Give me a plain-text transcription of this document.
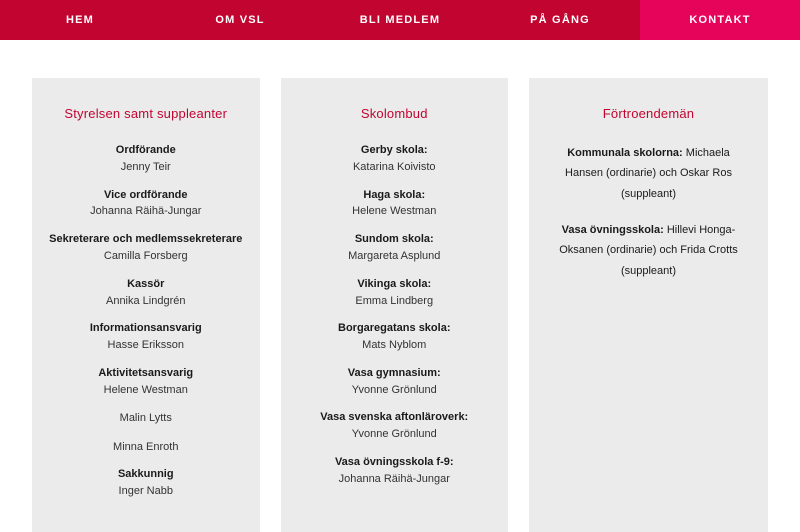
HEM	OM VSL	BLI MEDLEM	PÅ GÅNG	KONTAKT
Styrelsen samt suppleanter
Ordförande
Jenny Teir
Vice ordförande
Johanna Räihä-Jungar
Sekreterare och medlemssekreterare
Camilla Forsberg
Kassör
Annika Lindgrén
Informationsansvarig
Hasse Eriksson
Aktivitetsansvarig
Helene Westman
Malin Lytts
Minna Enroth
Sakkunnig
Inger Nabb
Skolombud
Gerby skola:
Katarina Koivisto
Haga skola:
Helene Westman
Sundom skola:
Margareta Asplund
Vikinga skola:
Emma Lindberg
Borgaregatans skola:
Mats Nyblom
Vasa gymnasium:
Yvonne Grönlund
Vasa svenska aftonläroverk:
Yvonne Grönlund
Vasa övningsskola f-9:
Johanna Räihä-Jungar
Förtroendemän

Kommunala skolorna: Michaela Hansen (ordinarie) och Oskar Ros (suppleant)

Vasa övningsskola: Hillevi Honga-Oksanen (ordinarie) och Frida Crotts (suppleant)
